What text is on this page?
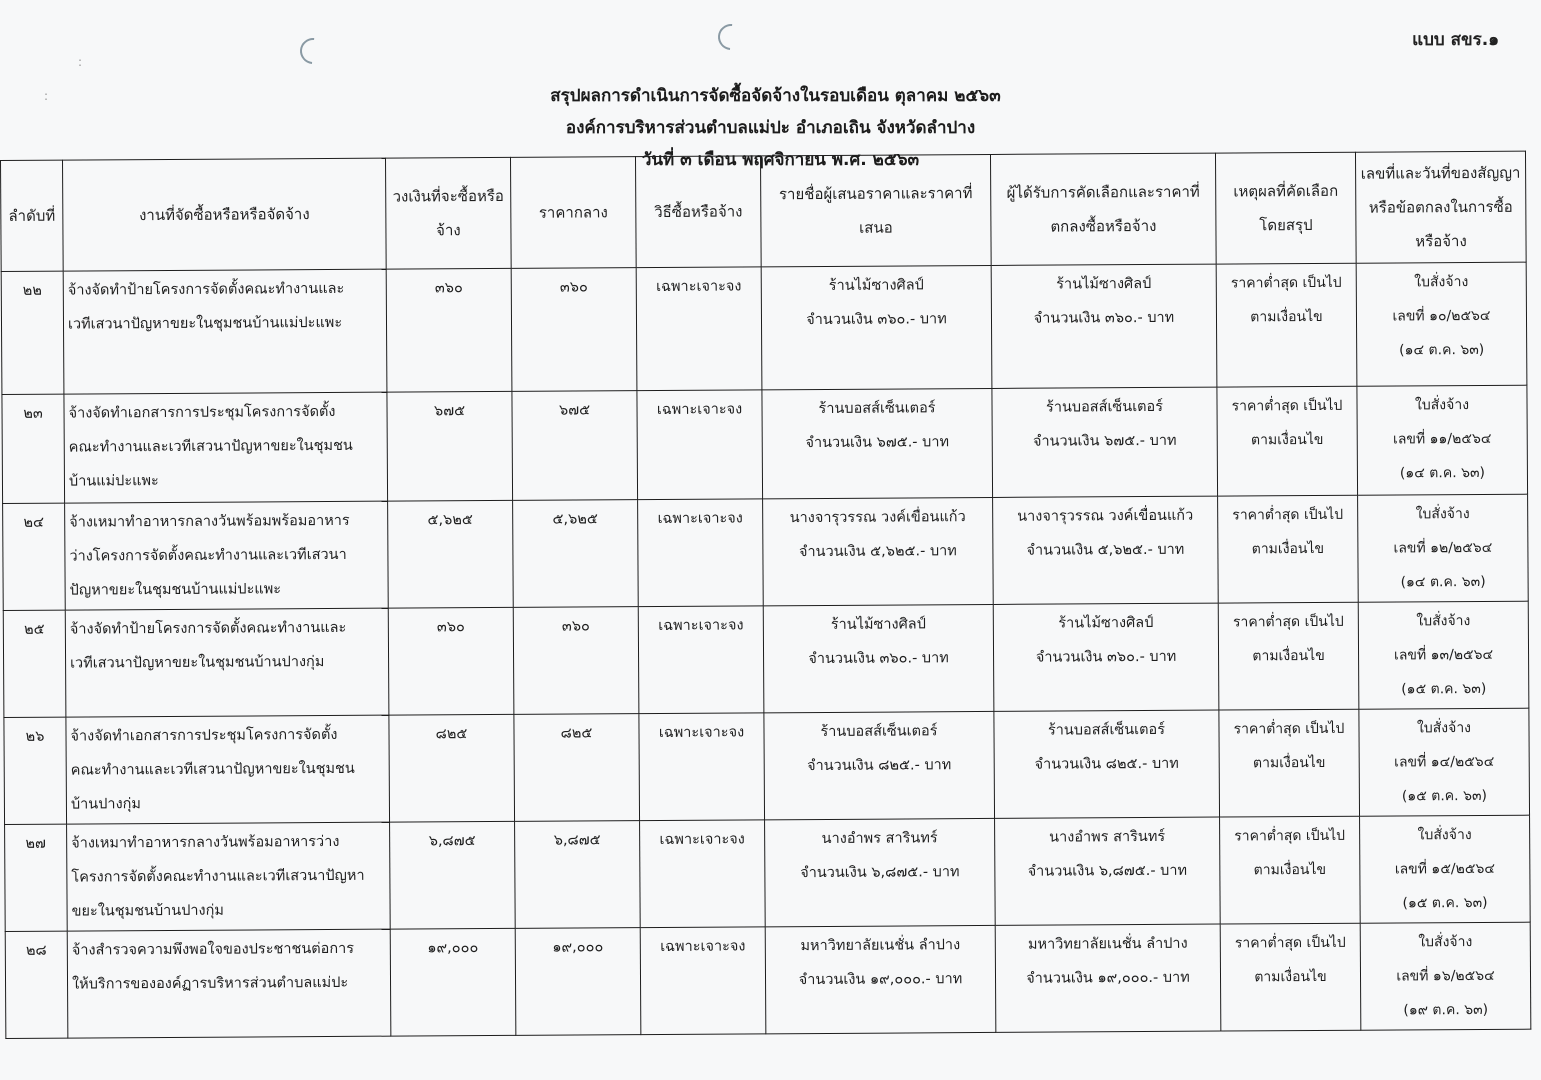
แบบ สขร.๑
:
:	สรุปผลการดำเนินการจัดซื้อจัดจ้างในรอบเดือน ตุลาคม ๒๕๖๓
องค์การบริหารส่วนตำบลแม่ปะ อำเภอเถิน จังหวัดลำปาง
วันที่ ๓ เดือน พฤศจิกายน พ.ศ. ๒๕๖๓
ลำดับที่	งานที่จัดซื้อหรือหรือจัดจ้าง	วงเงินที่จะซื้อหรือจ้าง	ราคากลาง	วิธีซื้อหรือจ้าง	รายชื่อผู้เสนอราคาและราคาที่เสนอ	ผู้ได้รับการคัดเลือกและราคาที่ตกลงซื้อหรือจ้าง	เหตุผลที่คัดเลือกโดยสรุป	เลขที่และวันที่ของสัญญาหรือข้อตกลงในการซื้อหรือจ้าง
๒๒	จ้างจัดทำป้ายโครงการจัดตั้งคณะทำงานและ
เวทีเสวนาปัญหาขยะในชุมชนบ้านแม่ปะแพะ	๓๖๐	๓๖๐	เฉพาะเจาะจง	ร้านไม้ซางศิลป์
จำนวนเงิน ๓๖๐.- บาท	ร้านไม้ซางศิลป์
จำนวนเงิน ๓๖๐.- บาท	ราคาต่ำสุด เป็นไป
ตามเงื่อนไข	ใบสั่งจ้าง
เลขที่ ๑๐/๒๕๖๔
(๑๔ ต.ค. ๖๓)

๒๓	จ้างจัดทำเอกสารการประชุมโครงการจัดตั้ง
คณะทำงานและเวทีเสวนาปัญหาขยะในชุมชน
บ้านแม่ปะแพะ	๖๗๕	๖๗๕	เฉพาะเจาะจง	ร้านบอสส์เซ็นเตอร์
จำนวนเงิน ๖๗๕.- บาท	ร้านบอสส์เซ็นเตอร์
จำนวนเงิน ๖๗๕.- บาท	ราคาต่ำสุด เป็นไป
ตามเงื่อนไข	ใบสั่งจ้าง
เลขที่ ๑๑/๒๕๖๔
(๑๔ ต.ค. ๖๓)

๒๔	จ้างเหมาทำอาหารกลางวันพร้อมพร้อมอาหาร
ว่างโครงการจัดตั้งคณะทำงานและเวทีเสวนา
ปัญหาขยะในชุมชนบ้านแม่ปะแพะ	๕,๖๒๕	๕,๖๒๕	เฉพาะเจาะจง	นางจารุวรรณ วงค์เขื่อนแก้ว
จำนวนเงิน ๕,๖๒๕.- บาท	นางจารุวรรณ วงค์เขื่อนแก้ว
จำนวนเงิน ๕,๖๒๕.- บาท	ราคาต่ำสุด เป็นไป
ตามเงื่อนไข	ใบสั่งจ้าง
เลขที่ ๑๒/๒๕๖๔
(๑๔ ต.ค. ๖๓)

๒๕	จ้างจัดทำป้ายโครงการจัดตั้งคณะทำงานและ
เวทีเสวนาปัญหาขยะในชุมชนบ้านปางกุ่ม	๓๖๐	๓๖๐	เฉพาะเจาะจง	ร้านไม้ซางศิลป์
จำนวนเงิน ๓๖๐.- บาท	ร้านไม้ซางศิลป์
จำนวนเงิน ๓๖๐.- บาท	ราคาต่ำสุด เป็นไป
ตามเงื่อนไข	ใบสั่งจ้าง
เลขที่ ๑๓/๒๕๖๔
(๑๕ ต.ค. ๖๓)

๒๖	จ้างจัดทำเอกสารการประชุมโครงการจัดตั้ง
คณะทำงานและเวทีเสวนาปัญหาขยะในชุมชน
บ้านปางกุ่ม	๘๒๕	๘๒๕	เฉพาะเจาะจง	ร้านบอสส์เซ็นเตอร์
จำนวนเงิน ๘๒๕.- บาท	ร้านบอสส์เซ็นเตอร์
จำนวนเงิน ๘๒๕.- บาท	ราคาต่ำสุด เป็นไป
ตามเงื่อนไข	ใบสั่งจ้าง
เลขที่ ๑๔/๒๕๖๔
(๑๕ ต.ค. ๖๓)

๒๗	จ้างเหมาทำอาหารกลางวันพร้อมอาหารว่าง
โครงการจัดตั้งคณะทำงานและเวทีเสวนาปัญหา
ขยะในชุมชนบ้านปางกุ่ม	๖,๘๗๕	๖,๘๗๕	เฉพาะเจาะจง	นางอำพร สารินทร์
จำนวนเงิน ๖,๘๗๕.- บาท	นางอำพร สารินทร์
จำนวนเงิน ๖,๘๗๕.- บาท	ราคาต่ำสุด เป็นไป
ตามเงื่อนไข	ใบสั่งจ้าง
เลขที่ ๑๕/๒๕๖๔
(๑๕ ต.ค. ๖๓)

๒๘	จ้างสำรวจความพึงพอใจของประชาชนต่อการ
ให้บริการขององค์ฏารบริหารส่วนตำบลแม่ปะ	๑๙,๐๐๐	๑๙,๐๐๐	เฉพาะเจาะจง	มหาวิทยาลัยเนชั่น ลำปาง
จำนวนเงิน ๑๙,๐๐๐.- บาท	มหาวิทยาลัยเนชั่น ลำปาง
จำนวนเงิน ๑๙,๐๐๐.- บาท	ราคาต่ำสุด เป็นไป
ตามเงื่อนไข	ใบสั่งจ้าง
เลขที่ ๑๖/๒๕๖๔
(๑๙ ต.ค. ๖๓)
